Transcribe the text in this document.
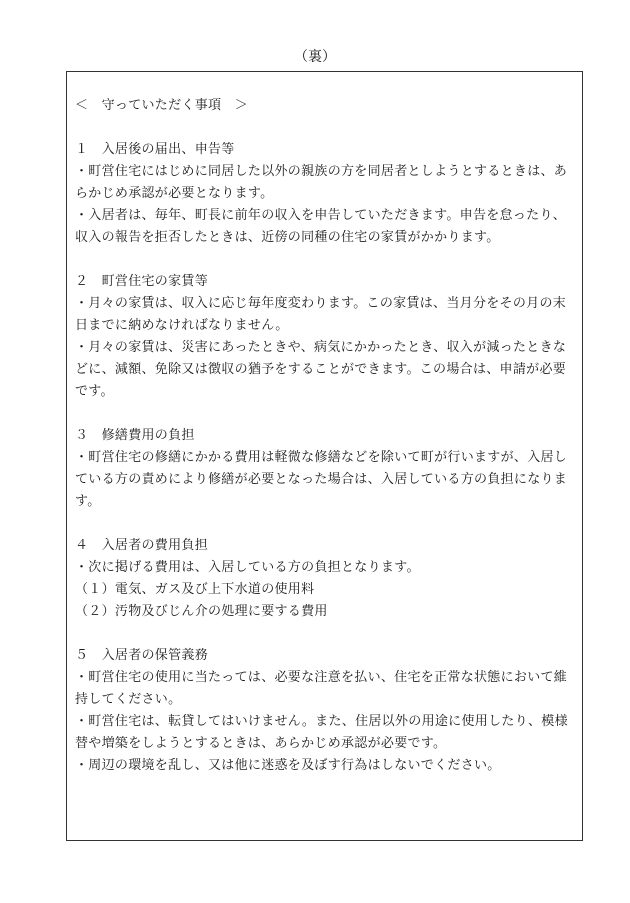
（裏）

＜　守っていただく事項　＞

１　入居後の届出、申告等

・町営住宅にはじめに同居した以外の親族の方を同居者としようとするときは、あらかじめ承認が必要となります。

・入居者は、毎年、町長に前年の収入を申告していただきます。申告を怠ったり、収入の報告を拒否したときは、近傍の同種の住宅の家賃がかかります。

２　町営住宅の家賃等

・月々の家賃は、収入に応じ毎年度変わります。この家賃は、当月分をその月の末日までに納めなければなりません。

・月々の家賃は、災害にあったときや、病気にかかったとき、収入が減ったときなどに、減額、免除又は徴収の猶予をすることができます。この場合は、申請が必要です。

３　修繕費用の負担

・町営住宅の修繕にかかる費用は軽微な修繕などを除いて町が行いますが、入居している方の責めにより修繕が必要となった場合は、入居している方の負担になります。

４　入居者の費用負担

・次に掲げる費用は、入居している方の負担となります。

（１）電気、ガス及び上下水道の使用料

（２）汚物及びじん介の処理に要する費用

５　入居者の保管義務

・町営住宅の使用に当たっては、必要な注意を払い、住宅を正常な状態において維持してください。

・町営住宅は、転貸してはいけません。また、住居以外の用途に使用したり、模様替や増築をしようとするときは、あらかじめ承認が必要です。

・周辺の環境を乱し、又は他に迷惑を及ぼす行為はしないでください。
